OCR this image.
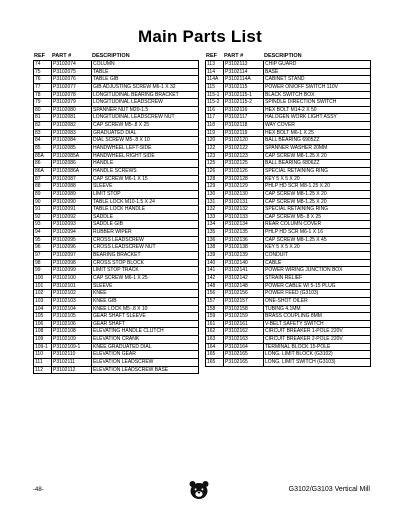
Main Parts List
REF	PART #	DESCRIPTION
74	P3102074	COLUMN
75	P3102075	TABLE
76	P3102076	TABLE GIB
77	P3102077	GIB ADJUSTING SCREW M6-1 X 32
78	P3102078	LONGITUDINAL BEARING BRACKET
79	P3102079	LONGITUDINAL LEADSCREW
80	P3102080	SPANNER NUT M20-1.5
81	P3102081	LONGITUDINAL LEADSCREW NUT
82	P3102082	CAP SCREW M5-.8 X 25
83	P3102083	GRADUATED DIAL
84	P3102084	DIAL SCREW M5-.8 X 10
85	P3102085	HANDWHEEL LEFT-SIDE
85A	P3102085A	HANDWHEEL RIGHT SIDE
86	P3102086	HANDLE
86A	P3102086A	HANDLE SCREWS
87	P3102087	CAP SCREW M6-1 X 15
88	P3102088	SLEEVE
89	P3102089	LIMIT STOP
90	P3102090	TABLE LOCK M10-1.5 X 24
91	P3102091	TABLE LOCK HANDLE
92	P3102092	SADDLE
93	P3102093	SADDLE GIB
94	P3102094	RUBBER WIPER
95	P3102095	CROSS LEADSCREW
96	P3102096	CROSS LEADSCREW NUT
97	P3102097	BEARING BRACKET
98	P3102098	CROSS STOP BLOCK
99	P3102099	LIMIT STOP TRACK
100	P3102100	CAP SCREW M6-1 X 25
101	P3102101	SLEEVE
102	P3102102	KNEE
103	P3102103	KNEE GIB
104	P3102104	KNEE LOCK M5-.8 X 10
105	P3102105	GEAR SHAFT SLEEVE
106	P3102106	GEAR SHAFT
108	P3102108	ELEVATING HANDLE CLUTCH
109	P3102109	ELEVATION CRANK
109-1	P3102109-1	KNEE GRADUATED DIAL
110	P3102110	ELEVATION GEAR
111	P3102111	ELEVATION LEADSCREW
112	P3102112	ELEVATION LEADSCREW BASE
REF	PART #	DESCRIPTION
113	P3102113	CHIP GUARD
114	P3102114	BASE
114A	P3102114A	CABINET STAND
115	P3102115	POWER ON/OFF SWITCH 110V
115-1	P3102115-1	BLACK SWITCH BOX
115-2	P3102115-2	SPINDLE DIRECTION SWITCH
116	P3102116	HEX BOLT M14-2 X 50
117	P3102117	HALOGEN WORK LIGHT ASSY
118	P3102118	WAY COVER
119	P3102119	HEX BOLT M6-1 X 25
120	P3102120	BALL BEARING 6905ZZ
122	P3102122	SPANNER WASHER 20MM
123	P3102123	CAP SCREW M8-1.25 X 20
125	P3102125	BALL BEARING 6806ZZ
126	P3102126	SPECIAL RETAINING RING
128	P3102128	KEY 5 X 5 X 20
129	P3102129	PHLP HD SCR M8-1.25 X 20
130	P3102130	CAP SCREW M8-1.25 X 20
131	P3102131	CAP SCREW M8-1.25 X 20
132	P3102132	SPECIAL RETAINING RING
133	P3102133	CAP SCREW M5-.8 X 25
134	P3102134	REAR COLUMN COVER
135	P3102135	PHLP HD SCR M6-1 X 16
136	P3102136	CAP SCREW M8-1.25 X 45
138	P3102138	KEY 5 X 5 X 20
139	P3102139	CONDUIT
140	P3102140	CABLE
141	P3102141	POWER WIRING JUNCTION BOX
142	P3102142	STRAIN RELIEF
148	P3102148	POWER CABLE W/ 5-15 PLUG
156	P3102156	POWER FEED (G3103)
157	P3102157	ONE-SHOT OILER
158	P3102158	TUBING 4.1MM
159	P3102159	BRASS COUPLING 8MM
161	P3102161	V-BELT SAFETY SWITCH
162	P3102162	CIRCUIT BREAKER 1-POLE 220V
163	P3102163	CIRCUIT BREAKER 2-POLE 220V
164	P3102164	TERMINAL BLOCK 15-POLE
165	P3102165	LONG. LIMIT BLOCK (G3102)
165	P3102165	LONG. LIMIT SWITCH (G3103)
-48-	G3102/G3103 Vertical Mill
